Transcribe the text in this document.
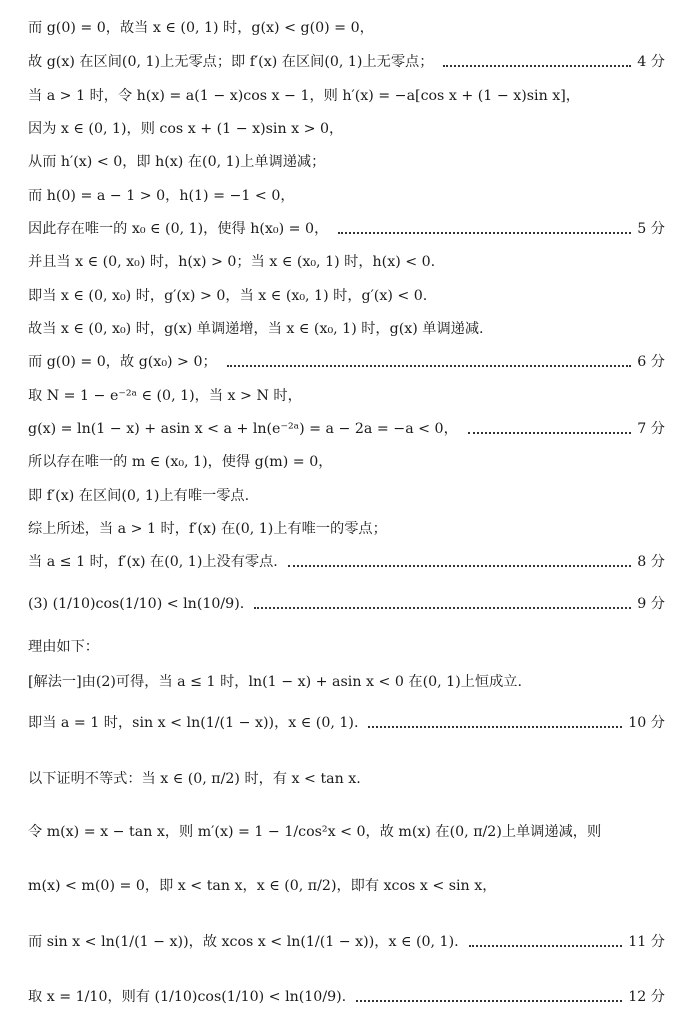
而 g(0) = 0，故当 x ∈ (0, 1) 时，g(x) < g(0) = 0，
故 g(x) 在区间(0, 1)上无零点；即 f′(x) 在区间(0, 1)上无零点；	4 分
当 a > 1 时，令 h(x) = a(1 − x)cos x − 1，则 h′(x) = −a[cos x + (1 − x)sin x]，
因为 x ∈ (0, 1)，则 cos x + (1 − x)sin x > 0，
从而 h′(x) < 0，即 h(x) 在(0, 1)上单调递减；
而 h(0) = a − 1 > 0，h(1) = −1 < 0，
因此存在唯一的 x₀ ∈ (0, 1)，使得 h(x₀) = 0，	5 分
并且当 x ∈ (0, x₀) 时，h(x) > 0；当 x ∈ (x₀, 1) 时，h(x) < 0.
即当 x ∈ (0, x₀) 时，g′(x) > 0，当 x ∈ (x₀, 1) 时，g′(x) < 0.
故当 x ∈ (0, x₀) 时，g(x) 单调递增，当 x ∈ (x₀, 1) 时，g(x) 单调递减.
而 g(0) = 0，故 g(x₀) > 0；	6 分
取 N = 1 − e⁻²ᵃ ∈ (0, 1)，当 x > N 时，
g(x) = ln(1 − x) + asin x < a + ln(e⁻²ᵃ) = a − 2a = −a < 0，	7 分
所以存在唯一的 m ∈ (x₀, 1)，使得 g(m) = 0，
即 f′(x) 在区间(0, 1)上有唯一零点.
综上所述，当 a > 1 时，f′(x) 在(0, 1)上有唯一的零点；
当 a ≤ 1 时，f′(x) 在(0, 1)上没有零点.	8 分
(3) (1/10)cos(1/10) < ln(10/9).	9 分
理由如下：
[解法一]由(2)可得，当 a ≤ 1 时，ln(1 − x) + asin x < 0 在(0, 1)上恒成立.
即当 a = 1 时，sin x < ln(1/(1 − x))，x ∈ (0, 1).	10 分
以下证明不等式：当 x ∈ (0, π/2) 时，有 x < tan x.
令 m(x) = x − tan x，则 m′(x) = 1 − 1/cos²x < 0，故 m(x) 在(0, π/2)上单调递减，则
m(x) < m(0) = 0，即 x < tan x，x ∈ (0, π/2)，即有 xcos x < sin x，
而 sin x < ln(1/(1 − x))，故 xcos x < ln(1/(1 − x))，x ∈ (0, 1).	11 分
取 x = 1/10，则有 (1/10)cos(1/10) < ln(10/9).	12 分
